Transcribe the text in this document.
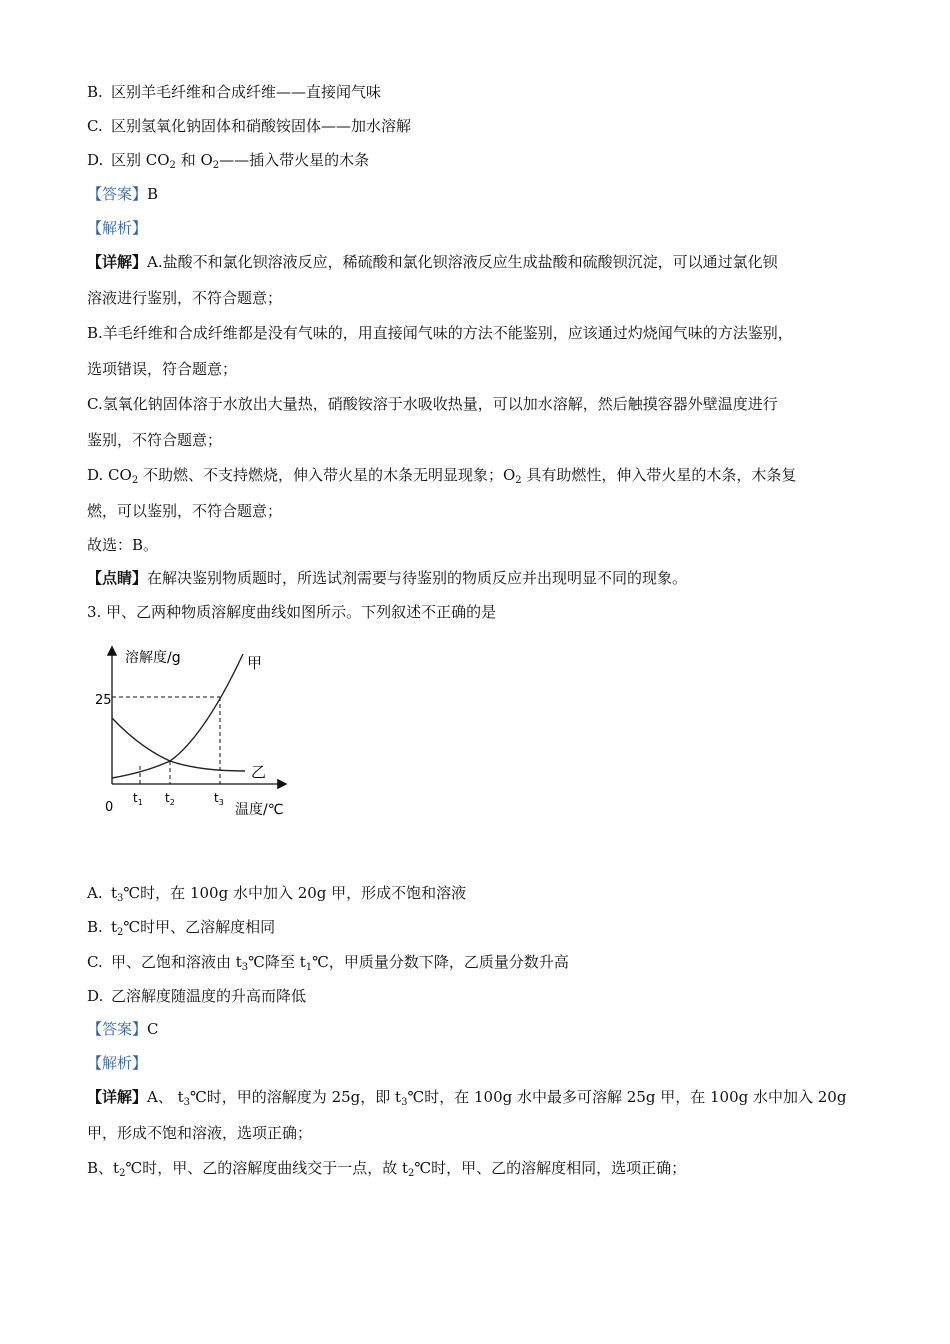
B. 区别羊毛纤维和合成纤维——直接闻气味
C. 区别氢氧化钠固体和硝酸铵固体——加水溶解
D. 区别 $CO_2$ 和 $O_2——$插入带火星的木条
【答案】B
【解析】
【详解】A.盐酸不和氯化钡溶液反应，稀硫酸和氯化钡溶液反应生成盐酸和硫酸钡沉淀，可以通过氯化钡
溶液进行鉴别，不符合题意；
B.羊毛纤维和合成纤维都是没有气味的，用直接闻气味的方法不能鉴别，应该通过灼烧闻气味的方法鉴别，
选项错误，符合题意；
C.氢氧化钠固体溶于水放出大量热，硝酸铵溶于水吸收热量，可以加水溶解，然后触摸容器外壁温度进行
鉴别，不符合题意；
D. $CO_2$ 不助燃、不支持燃烧，伸入带火星的木条无明显现象；$O_2$ 具有助燃性，伸入带火星的木条，木条复
燃，可以鉴别，不符合题意；
故选：B。
【点睛】在解决鉴别物质题时，所选试剂需要与待鉴别的物质反应并出现明显不同的现象。
3. 甲、乙两种物质溶解度曲线如图所示。下列叙述不正确的是
溶解度/g
温度/℃
0
25
甲
乙
$t_1$ $t_2$	$t_3$
A. $t_3℃$时，在 100g 水中加入 20g 甲，形成不饱和溶液
B. $t_2℃$时甲、乙溶解度相同
C. 甲、乙饱和溶液由 $t_3℃$降至 $t_1℃$，甲质量分数下降，乙质量分数升高
D. 乙溶解度随温度的升高而降低
【答案】C
【解析】
【详解】A、 $t_3℃$时，甲的溶解度为 25g，即 $t_3℃$时，在 100g 水中最多可溶解 25g 甲，在 100g 水中加入 20g
甲，形成不饱和溶液，选项正确；
B、$t_2℃$时，甲、乙的溶解度曲线交于一点，故 $t_2℃$时，甲、乙的溶解度相同，选项正确；
